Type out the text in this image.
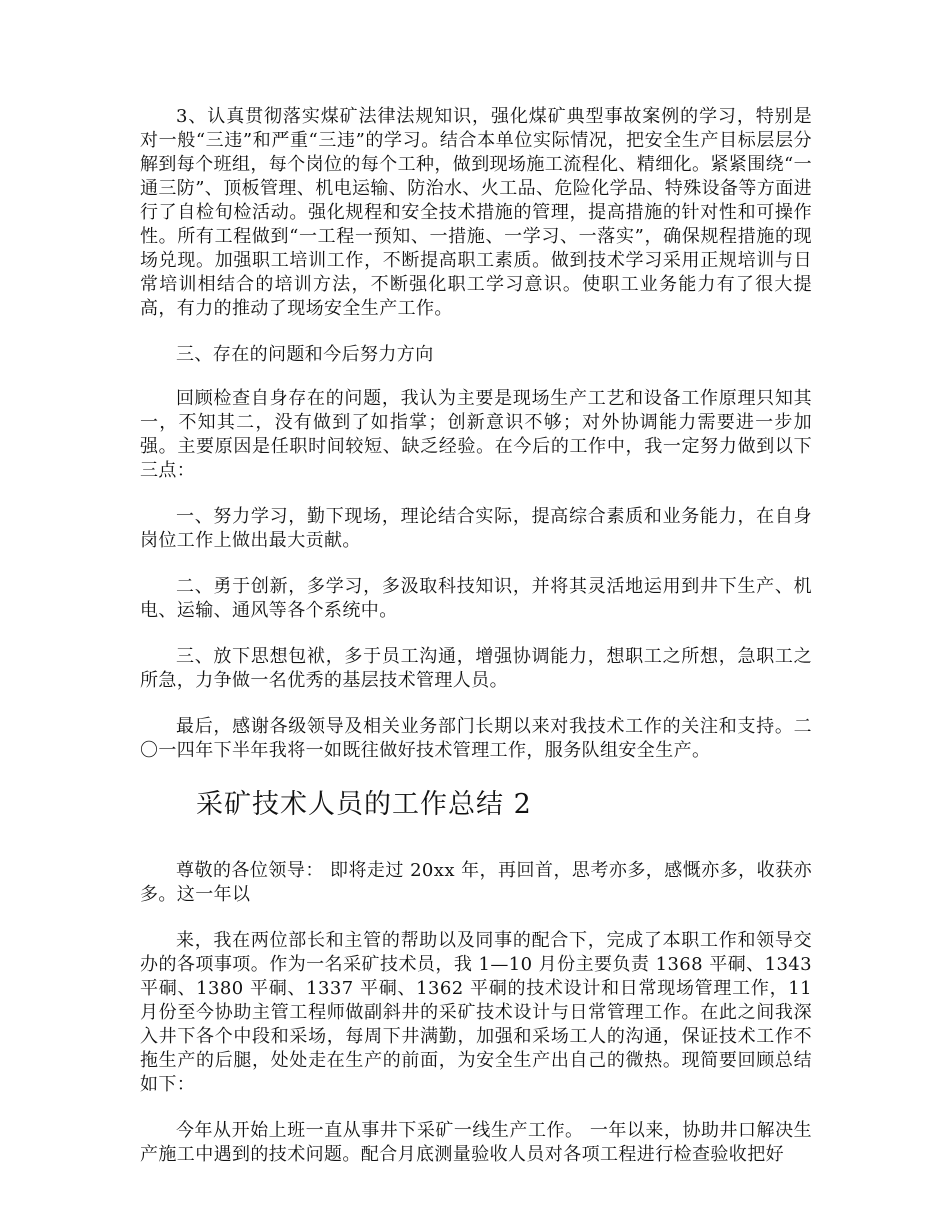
3、认真贯彻落实煤矿法律法规知识，强化煤矿典型事故案例的学习，特别是对一般“三违”和严重“三违”的学习。结合本单位实际情况，把安全生产目标层层分解到每个班组，每个岗位的每个工种，做到现场施工流程化、精细化。紧紧围绕“一通三防”、顶板管理、机电运输、防治水、火工品、危险化学品、特殊设备等方面进行了自检旬检活动。强化规程和安全技术措施的管理，提高措施的针对性和可操作性。所有工程做到“一工程一预知、一措施、一学习、一落实”，确保规程措施的现场兑现。加强职工培训工作，不断提高职工素质。做到技术学习采用正规培训与日常培训相结合的培训方法，不断强化职工学习意识。使职工业务能力有了很大提高，有力的推动了现场安全生产工作。

三、存在的问题和今后努力方向

回顾检查自身存在的问题，我认为主要是现场生产工艺和设备工作原理只知其一，不知其二，没有做到了如指掌；创新意识不够；对外协调能力需要进一步加强。主要原因是任职时间较短、缺乏经验。在今后的工作中，我一定努力做到以下三点：

一、努力学习，勤下现场，理论结合实际，提高综合素质和业务能力，在自身岗位工作上做出最大贡献。

二、勇于创新，多学习，多汲取科技知识，并将其灵活地运用到井下生产、机电、运输、通风等各个系统中。

三、放下思想包袱，多于员工沟通，增强协调能力，想职工之所想，急职工之所急，力争做一名优秀的基层技术管理人员。

最后，感谢各级领导及相关业务部门长期以来对我技术工作的关注和支持。二〇一四年下半年我将一如既往做好技术管理工作，服务队组安全生产。

采矿技术人员的工作总结 2

尊敬的各位领导： 即将走过 20xx 年，再回首，思考亦多，感慨亦多，收获亦多。这一年以

来，我在两位部长和主管的帮助以及同事的配合下，完成了本职工作和领导交办的各项事项。作为一名采矿技术员，我 1—10 月份主要负责 1368 平硐、1343 平硐、1380 平硐、1337 平硐、1362 平硐的技术设计和日常现场管理工作，11 月份至今协助主管工程师做副斜井的采矿技术设计与日常管理工作。在此之间我深入井下各个中段和采场，每周下井满勤，加强和采场工人的沟通，保证技术工作不拖生产的后腿，处处走在生产的前面，为安全生产出自己的微热。现简要回顾总结如下：

今年从开始上班一直从事井下采矿一线生产工作。 一年以来，协助井口解决生产施工中遇到的技术问题。配合月底测量验收人员对各项工程进行检查验收把好
